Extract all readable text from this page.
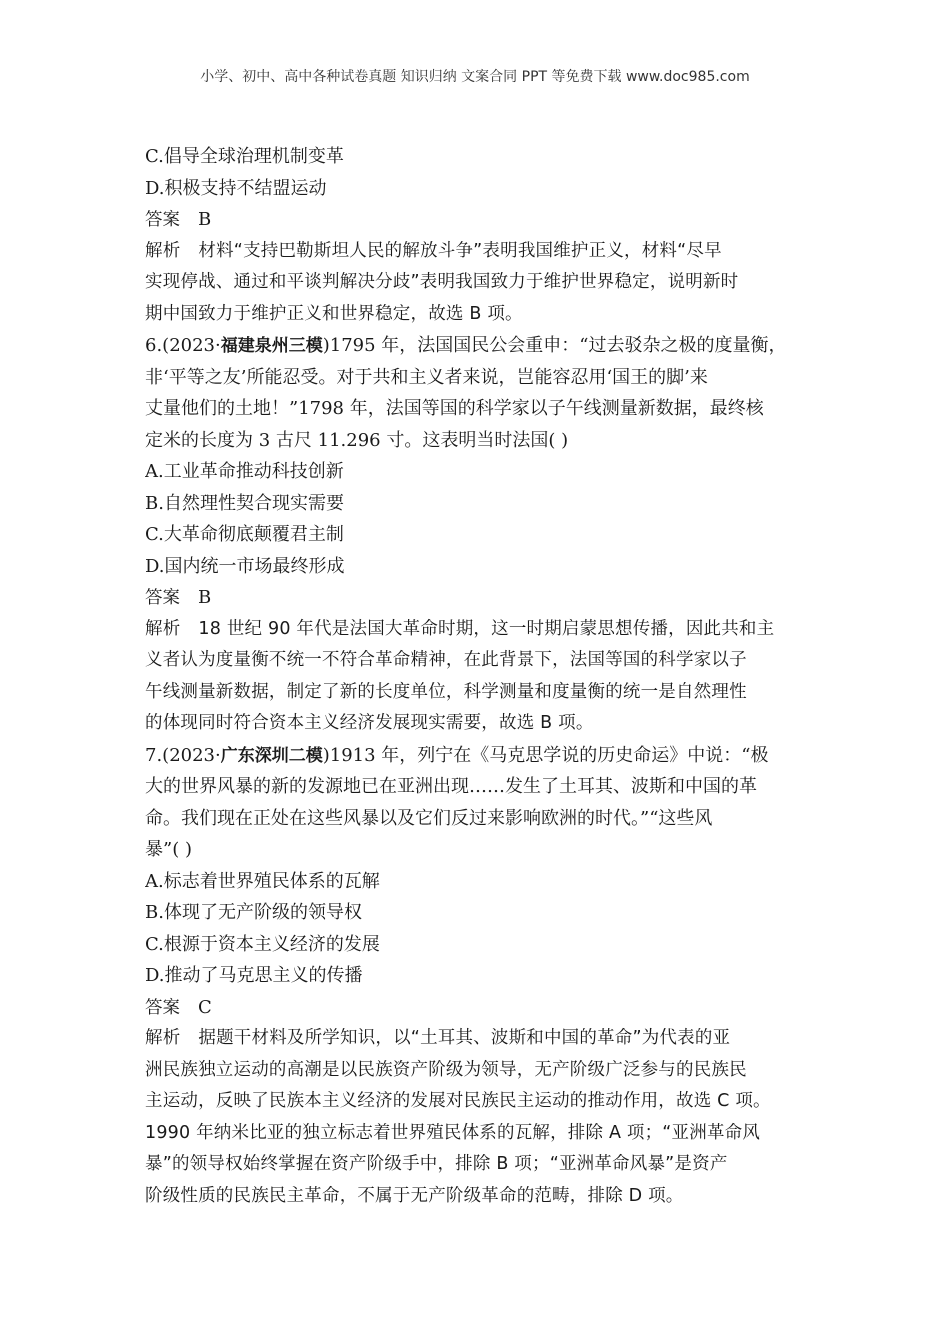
小学、初中、高中各种试卷真题 知识归纳 文案合同 PPT 等免费下载 www.doc985.com
C.倡导全球治理机制变革
D.积极支持不结盟运动
答案 B
解析 材料“支持巴勒斯坦人民的解放斗争”表明我国维护正义，材料“尽早
实现停战、通过和平谈判解决分歧”表明我国致力于维护世界稳定，说明新时
期中国致力于维护正义和世界稳定，故选 B 项。
6.(2023·福建泉州三模)1795 年，法国国民公会重申：“过去驳杂之极的度量衡，
非‘平等之友’所能忍受。对于共和主义者来说，岂能容忍用‘国王的脚’来
丈量他们的土地！”1798 年，法国等国的科学家以子午线测量新数据，最终核
定米的长度为 3 古尺 11.296 寸。这表明当时法国( )
A.工业革命推动科技创新
B.自然理性契合现实需要
C.大革命彻底颠覆君主制
D.国内统一市场最终形成
答案 B
解析 18 世纪 90 年代是法国大革命时期，这一时期启蒙思想传播，因此共和主
义者认为度量衡不统一不符合革命精神，在此背景下，法国等国的科学家以子
午线测量新数据，制定了新的长度单位，科学测量和度量衡的统一是自然理性
的体现同时符合资本主义经济发展现实需要，故选 B 项。
7.(2023·广东深圳二模)1913 年，列宁在《马克思学说的历史命运》中说：“极
大的世界风暴的新的发源地已在亚洲出现……发生了土耳其、波斯和中国的革
命。我们现在正处在这些风暴以及它们反过来影响欧洲的时代。”“这些风
暴”( )
A.标志着世界殖民体系的瓦解
B.体现了无产阶级的领导权
C.根源于资本主义经济的发展
D.推动了马克思主义的传播
答案 C
解析 据题干材料及所学知识，以“土耳其、波斯和中国的革命”为代表的亚
洲民族独立运动的高潮是以民族资产阶级为领导，无产阶级广泛参与的民族民
主运动，反映了民族本主义经济的发展对民族民主运动的推动作用，故选 C 项。
1990 年纳米比亚的独立标志着世界殖民体系的瓦解，排除 A 项；“亚洲革命风
暴”的领导权始终掌握在资产阶级手中，排除 B 项；“亚洲革命风暴”是资产
阶级性质的民族民主革命，不属于无产阶级革命的范畴，排除 D 项。
